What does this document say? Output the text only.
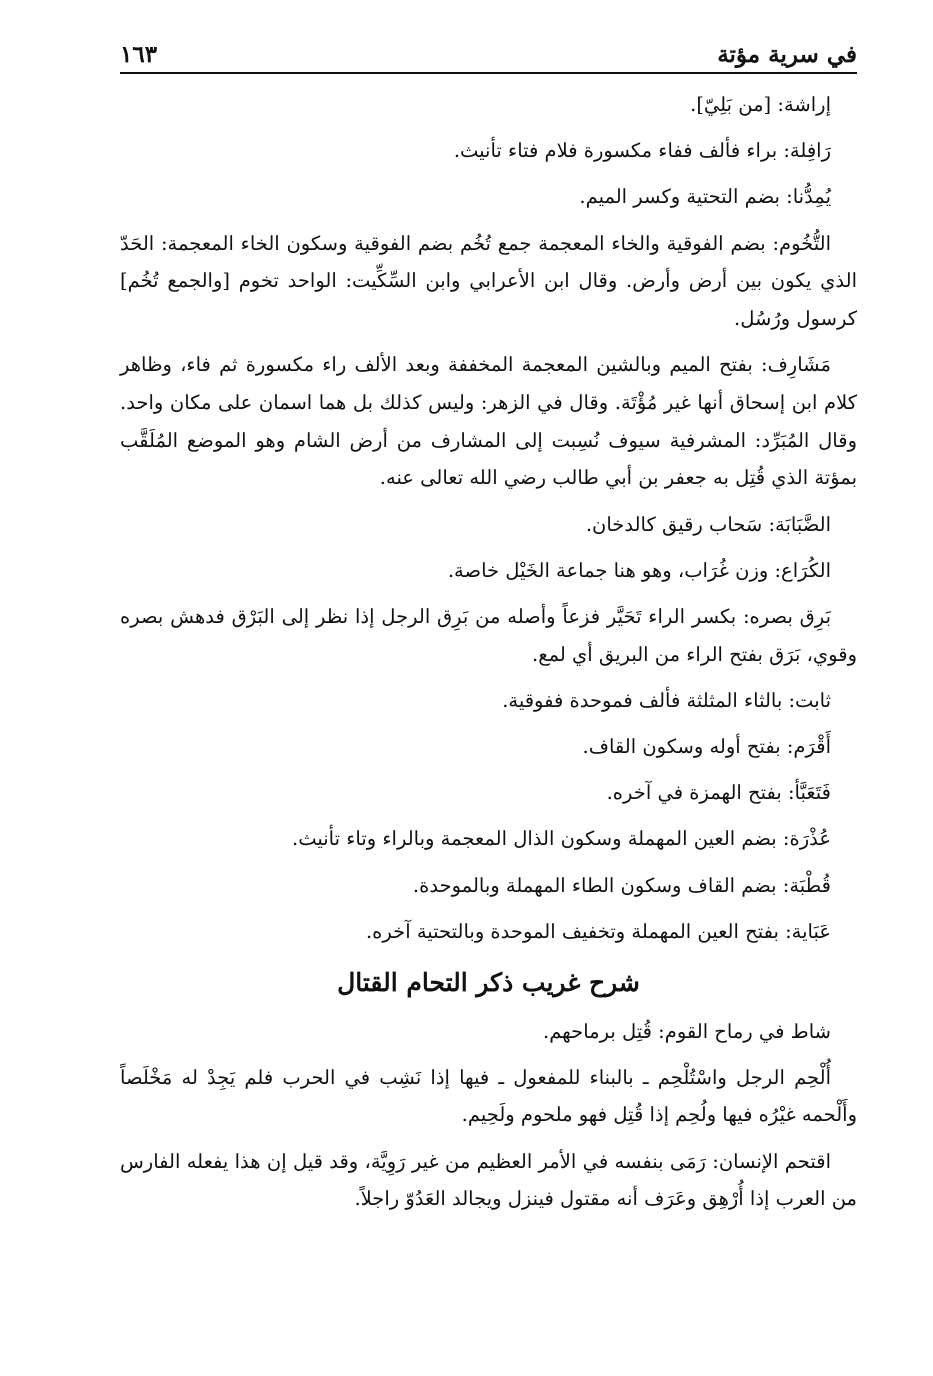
في سرية مؤتة
١٦٣

إراشة: [من بَلِيّ].

رَافِلة: براء فألف ففاء مكسورة فلام فتاء تأنيث.

يُمِدُّنا: بضم التحتية وكسر الميم.

التُّخُوم: بضم الفوقية والخاء المعجمة جمع تُخُم بضم الفوقية وسكون الخاء المعجمة: الحَدّ الذي يكون بين أرض وأرض. وقال ابن الأعرابي وابن السِّكِّيت: الواحد تخوم [والجمع تُخُم] كرسول ورُسُل.

مَشَارِف: بفتح الميم وبالشين المعجمة المخففة وبعد الألف راء مكسورة ثم فاء، وظاهر كلام ابن إسحاق أنها غير مُؤْتَة. وقال في الزهر: وليس كذلك بل هما اسمان على مكان واحد. وقال المُبَرِّد: المشرفية سيوف نُسِبت إلى المشارف من أرض الشام وهو الموضع المُلَقَّب بمؤتة الذي قُتِل به جعفر بن أبي طالب رضي الله تعالى عنه.

الضَّبَابَة: سَحاب رقيق كالدخان.

الكُرَاع: وزن غُرَاب، وهو هنا جماعة الخَيْل خاصة.

بَرِق بصره: بكسر الراء تَحَيَّر فزعاً وأصله من بَرِق الرجل إذا نظر إلى البَرْق فدهش بصره وقوي، بَرَق بفتح الراء من البريق أي لمع.

ثابت: بالثاء المثلثة فألف فموحدة ففوقية.

أَقْرَم: بفتح أوله وسكون القاف.

فَتَعَبَّأ: بفتح الهمزة في آخره.

عُذْرَة: بضم العين المهملة وسكون الذال المعجمة وبالراء وتاء تأنيث.

قُطْبَة: بضم القاف وسكون الطاء المهملة وبالموحدة.

عَبَاية: بفتح العين المهملة وتخفيف الموحدة وبالتحتية آخره.

شرح غريب ذكر التحام القتال

شاط في رماح القوم: قُتِل برماحهم.

أُلْحِم الرجل واسْتُلْحِم ـ بالبناء للمفعول ـ فيها إذا نَشِب في الحرب فلم يَجِدْ له مَخْلَصاً وأَلْحمه غيْرُه فيها ولُحِم إذا قُتِل فهو ملحوم ولَحِيم.

اقتحم الإنسان: رَمَى بنفسه في الأمر العظيم من غير رَوِيَّة، وقد قيل إن هذا يفعله الفارس من العرب إذا أُرْهِق وعَرَف أنه مقتول فينزل ويجالد العَدُوّ راجلاً.
